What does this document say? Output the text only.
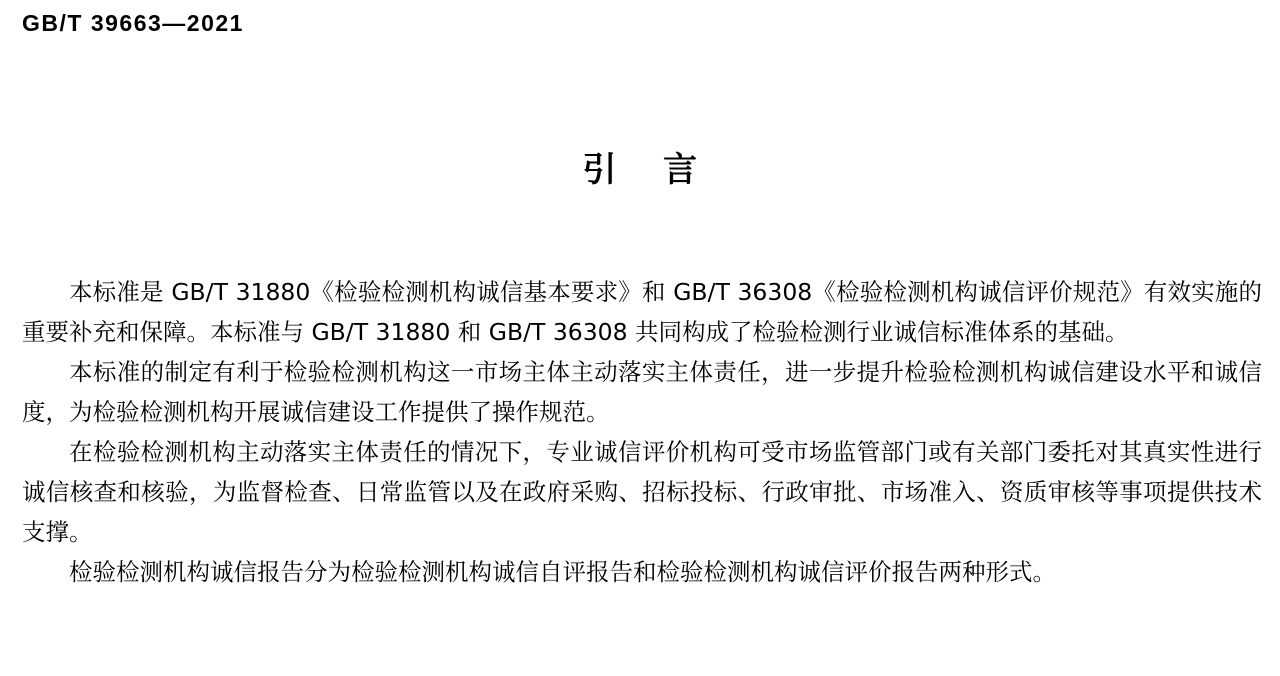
GB/T 39663—2021
引 言

本标准是 GB/T 31880《检验检测机构诚信基本要求》和 GB/T 36308《检验检测机构诚信评价规范》有效实施的重要补充和保障。本标准与 GB/T 31880 和 GB/T 36308 共同构成了检验检测行业诚信标准体系的基础。

本标准的制定有利于检验检测机构这一市场主体主动落实主体责任，进一步提升检验检测机构诚信建设水平和诚信度，为检验检测机构开展诚信建设工作提供了操作规范。

在检验检测机构主动落实主体责任的情况下，专业诚信评价机构可受市场监管部门或有关部门委托对其真实性进行诚信核查和核验，为监督检查、日常监管以及在政府采购、招标投标、行政审批、市场准入、资质审核等事项提供技术支撑。

检验检测机构诚信报告分为检验检测机构诚信自评报告和检验检测机构诚信评价报告两种形式。
